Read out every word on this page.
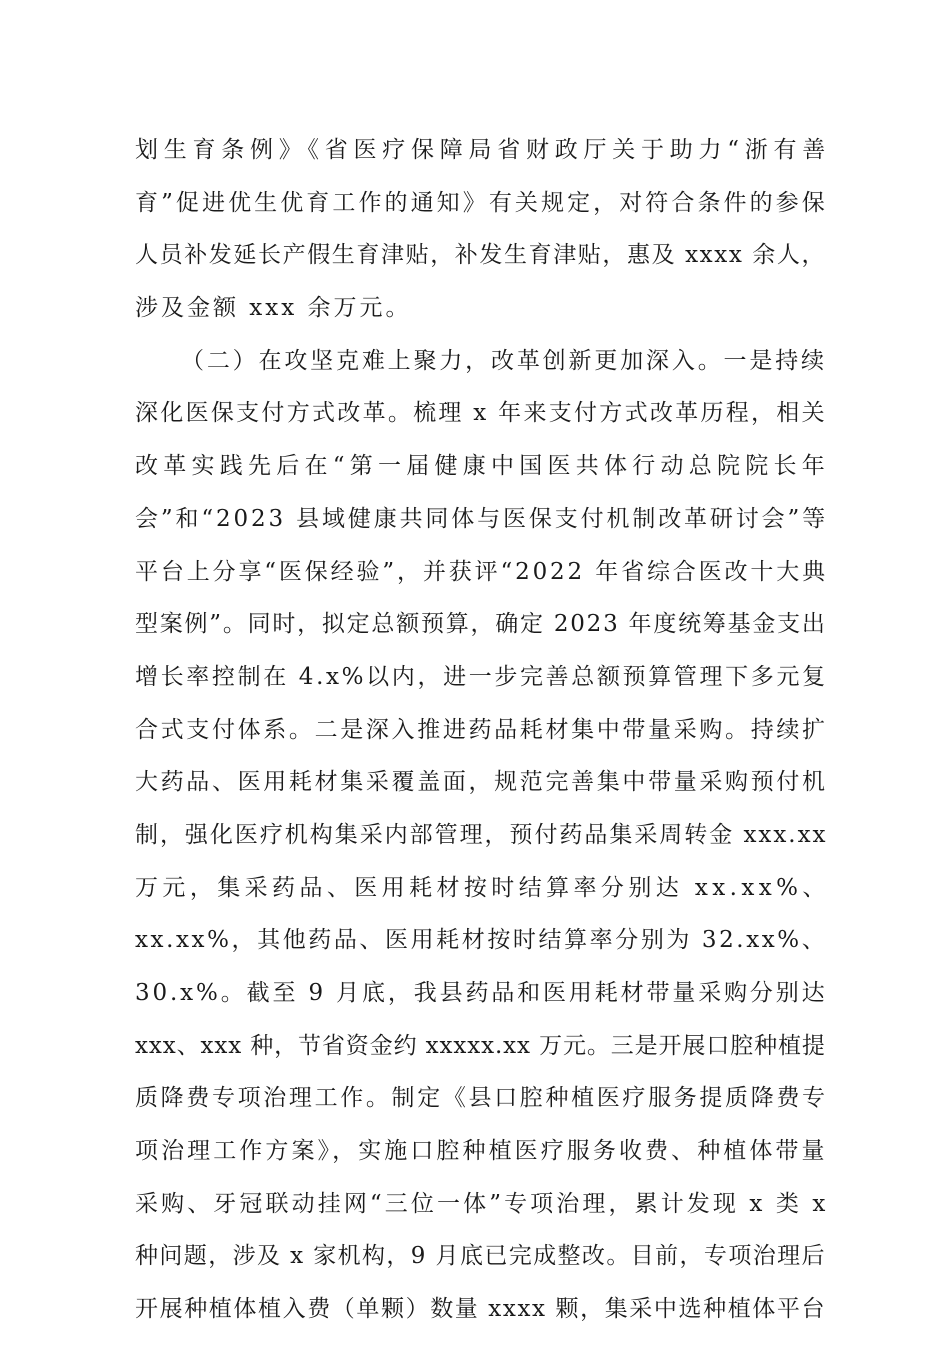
划生育条例》《省医疗保障局省财政厅关于助力“浙有善
育”促进优生优育工作的通知》有关规定，对符合条件的参保
人员补发延长产假生育津贴，补发生育津贴，惠及 xxxx 余人，
涉及金额 xxx 余万元。
（二）在攻坚克难上聚力，改革创新更加深入。一是持续
深化医保支付方式改革。梳理 x 年来支付方式改革历程，相关
改革实践先后在“第一届健康中国医共体行动总院院长年
会”和“2023 县域健康共同体与医保支付机制改革研讨会”等
平台上分享“医保经验”，并获评“2022 年省综合医改十大典
型案例”。同时，拟定总额预算，确定 2023 年度统筹基金支出
增长率控制在 4.x%以内，进一步完善总额预算管理下多元复
合式支付体系。二是深入推进药品耗材集中带量采购。持续扩
大药品、医用耗材集采覆盖面，规范完善集中带量采购预付机
制，强化医疗机构集采内部管理，预付药品集采周转金 xxx.xx
万元，集采药品、医用耗材按时结算率分别达 xx.xx%、
xx.xx%，其他药品、医用耗材按时结算率分别为 32.xx%、
30.x%。截至 9 月底，我县药品和医用耗材带量采购分别达
xxx、xxx 种，节省资金约 xxxxx.xx 万元。三是开展口腔种植提
质降费专项治理工作。制定《县口腔种植医疗服务提质降费专
项治理工作方案》，实施口腔种植医疗服务收费、种植体带量
采购、牙冠联动挂网“三位一体”专项治理，累计发现 x 类 x
种问题，涉及 x 家机构，9 月底已完成整改。目前，专项治理后
开展种植体植入费（单颗）数量 xxxx 颗，集采中选种植体平台
